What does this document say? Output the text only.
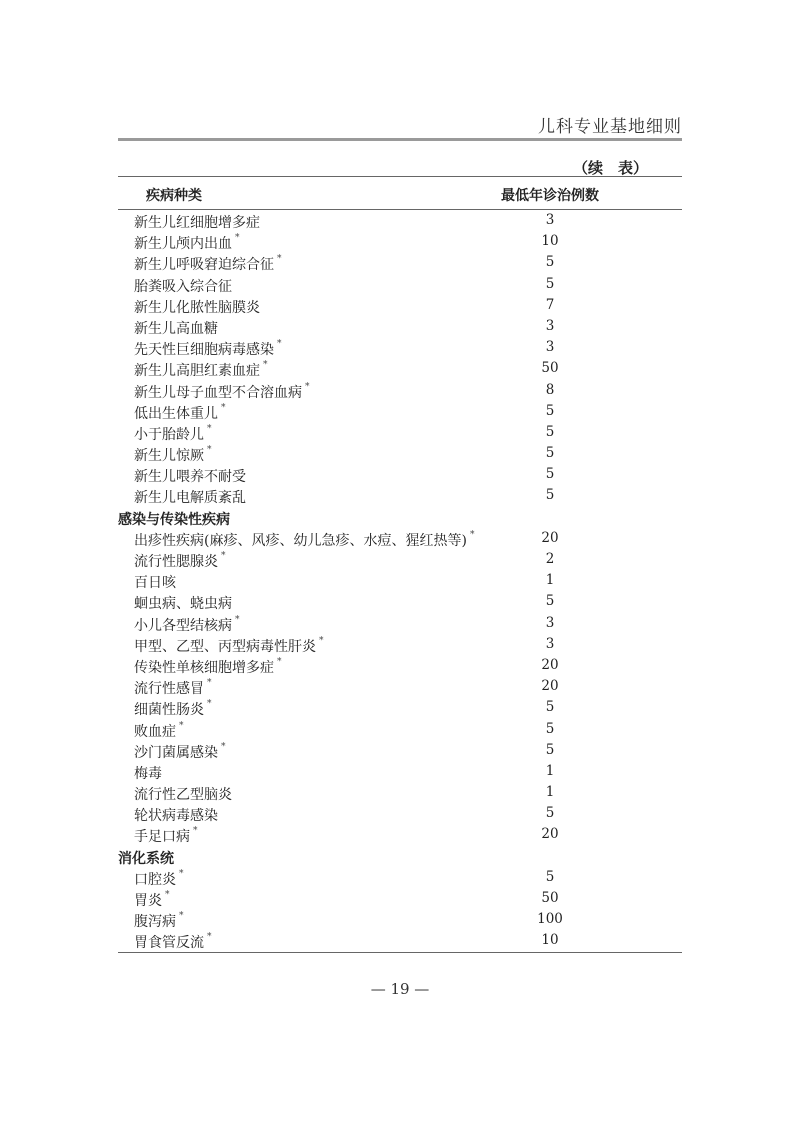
儿科专业基地细则
（续　表）
疾病种类	最低年诊治例数
新生儿红细胞增多症	3
新生儿颅内出血 *	10
新生儿呼吸窘迫综合征 *	5
胎粪吸入综合征	5
新生儿化脓性脑膜炎	7
新生儿高血糖	3
先天性巨细胞病毒感染 *	3
新生儿高胆红素血症 *	50
新生儿母子血型不合溶血病 *	8
低出生体重儿 *	5
小于胎龄儿 *	5
新生儿惊厥 *	5
新生儿喂养不耐受	5
新生儿电解质紊乱	5
感染与传染性疾病
出疹性疾病(麻疹、风疹、幼儿急疹、水痘、猩红热等) *	20
流行性腮腺炎 *	2
百日咳	1
蛔虫病、蛲虫病	5
小儿各型结核病 *	3
甲型、乙型、丙型病毒性肝炎 *	3
传染性单核细胞增多症 *	20
流行性感冒 *	20
细菌性肠炎 *	5
败血症 *	5
沙门菌属感染 *	5
梅毒	1
流行性乙型脑炎	1
轮状病毒感染	5
手足口病 *	20
消化系统
口腔炎 *	5
胃炎 *	50
腹泻病 *	100
胃食管反流 *	10
— 19 —
